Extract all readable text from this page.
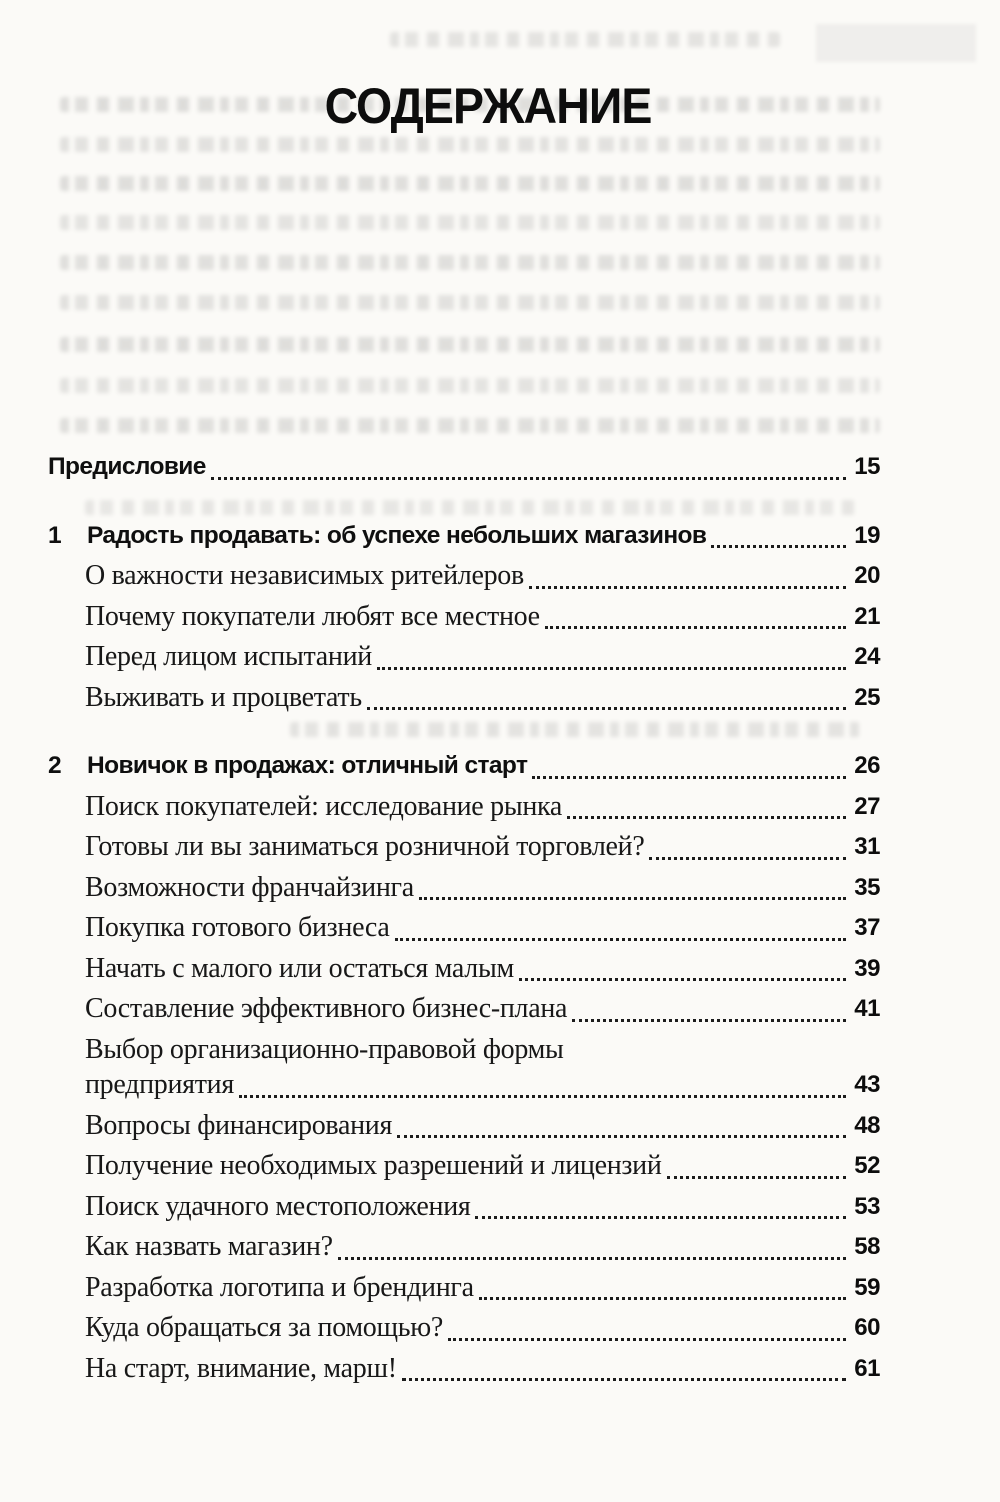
СОДЕРЖАНИЕ
Предисловие	15
1	Радость продавать: об успехе небольших магазинов	19
О важности независимых ритейлеров	20
Почему покупатели любят все местное	21
Перед лицом испытаний	24
Выживать и процветать	25
2	Новичок в продажах: отличный старт	26
Поиск покупателей: исследование рынка	27
Готовы ли вы заниматься розничной торговлей?	31
Возможности франчайзинга	35
Покупка готового бизнеса	37
Начать с малого или остаться малым	39
Составление эффективного бизнес-плана	41
Выбор организационно-правовой формы
предприятия	43
Вопросы финансирования	48
Получение необходимых разрешений и лицензий	52
Поиск удачного местоположения	53
Как назвать магазин?	58
Разработка логотипа и брендинга	59
Куда обращаться за помощью?	60
На старт, внимание, марш!	61
